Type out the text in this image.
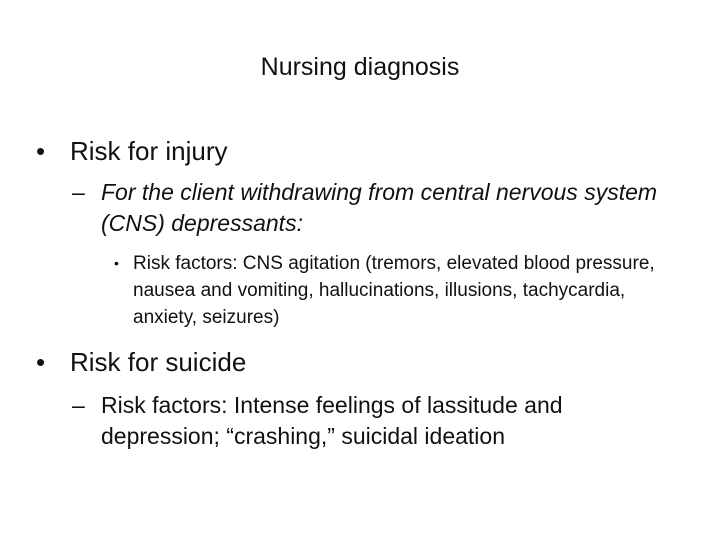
Nursing diagnosis
• Risk for injury
– For the client withdrawing from central nervous system (CNS) depressants:
• Risk factors: CNS agitation (tremors, elevated blood pressure, nausea and vomiting, hallucinations, illusions, tachycardia, anxiety, seizures)
• Risk for suicide
– Risk factors: Intense feelings of lassitude and depression; “crashing,” suicidal ideation
